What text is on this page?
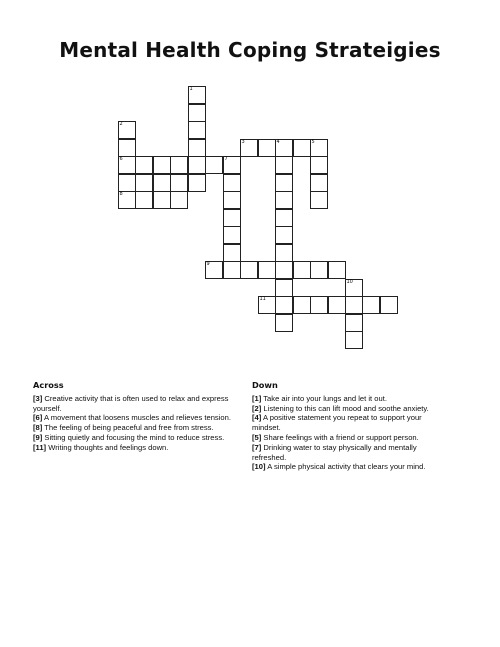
Mental Health Coping Strateigies
1
2
3	4	5
6	7
8
9
10
11
Across

[3] Creative activity that is often used to relax and express yourself.

[6] A movement that loosens muscles and relieves tension.

[8] The feeling of being peaceful and free from stress.

[9] Sitting quietly and focusing the mind to reduce stress.

[11] Writing thoughts and feelings down.

Down

[1] Take air into your lungs and let it out.

[2] Listening to this can lift mood and soothe anxiety.

[4] A positive statement you repeat to support your mindset.

[5] Share feelings with a friend or support person.

[7] Drinking water to stay physically and mentally refreshed.

[10] A simple physical activity that clears your mind.
